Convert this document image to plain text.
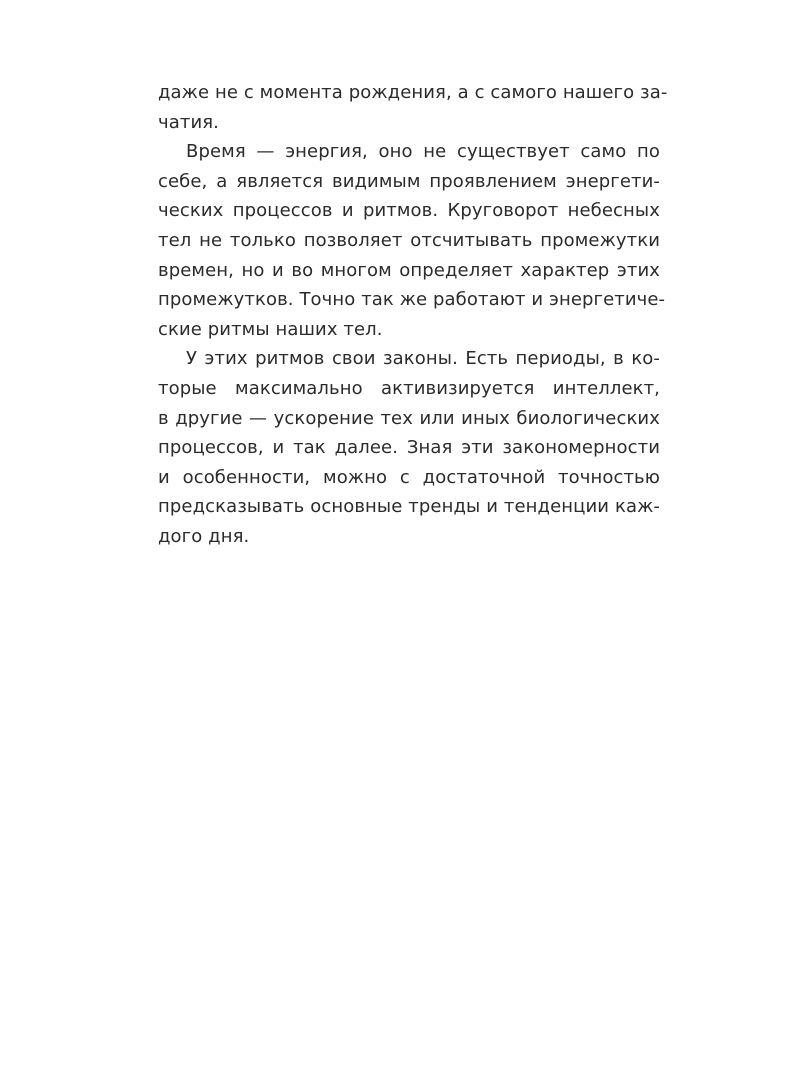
даже не с момента рождения, а с самого нашего за-
чатия.
Время — энергия, оно не существует само по
себе, а является видимым проявлением энергети-
ческих процессов и ритмов. Круговорот небесных
тел не только позволяет отсчитывать промежутки
времен, но и во многом определяет характер этих
промежутков. Точно так же работают и энергетиче-
ские ритмы наших тел.
У этих ритмов свои законы. Есть периоды, в ко-
торые максимально активизируется интеллект,
в другие — ускорение тех или иных биологических
процессов, и так далее. Зная эти закономерности
и особенности, можно с достаточной точностью
предсказывать основные тренды и тенденции каж-
дого дня.
